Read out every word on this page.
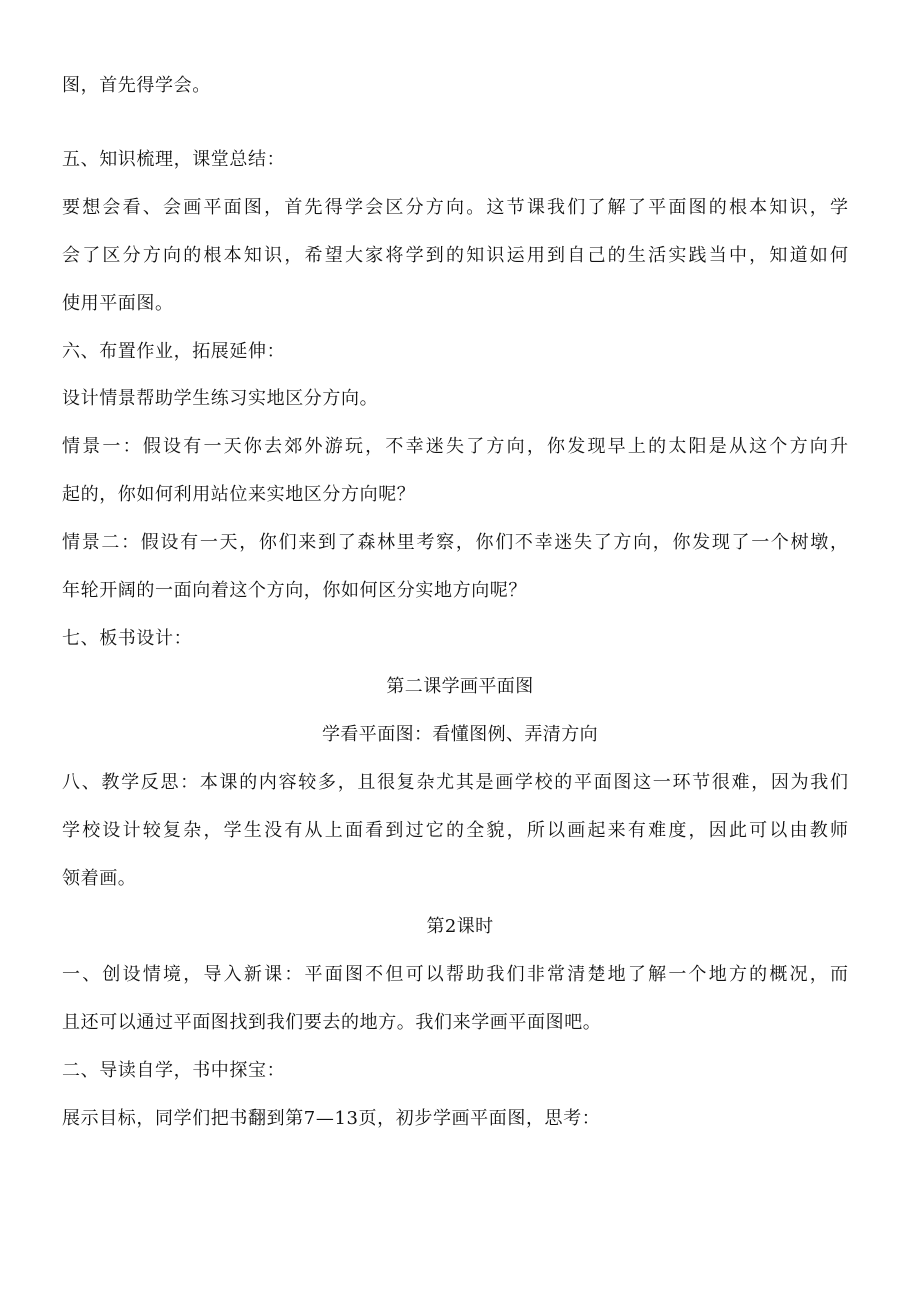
图，首先得学会。
五、知识梳理，课堂总结：
要想会看、会画平面图，首先得学会区分方向。这节课我们了解了平面图的根本知识，学
会了区分方向的根本知识，希望大家将学到的知识运用到自己的生活实践当中，知道如何
使用平面图。
六、布置作业，拓展延伸：
设计情景帮助学生练习实地区分方向。
情景一：假设有一天你去郊外游玩，不幸迷失了方向，你发现早上的太阳是从这个方向升
起的，你如何利用站位来实地区分方向呢？
情景二：假设有一天，你们来到了森林里考察，你们不幸迷失了方向，你发现了一个树墩，
年轮开阔的一面向着这个方向，你如何区分实地方向呢？
七、板书设计：
第二课学画平面图
学看平面图：看懂图例、弄清方向
八、教学反思：本课的内容较多，且很复杂尤其是画学校的平面图这一环节很难，因为我们
学校设计较复杂，学生没有从上面看到过它的全貌，所以画起来有难度，因此可以由教师
领着画。
第2课时
一、创设情境，导入新课：平面图不但可以帮助我们非常清楚地了解一个地方的概况，而
且还可以通过平面图找到我们要去的地方。我们来学画平面图吧。
二、导读自学，书中探宝：
展示目标，同学们把书翻到第7—13页，初步学画平面图，思考：
